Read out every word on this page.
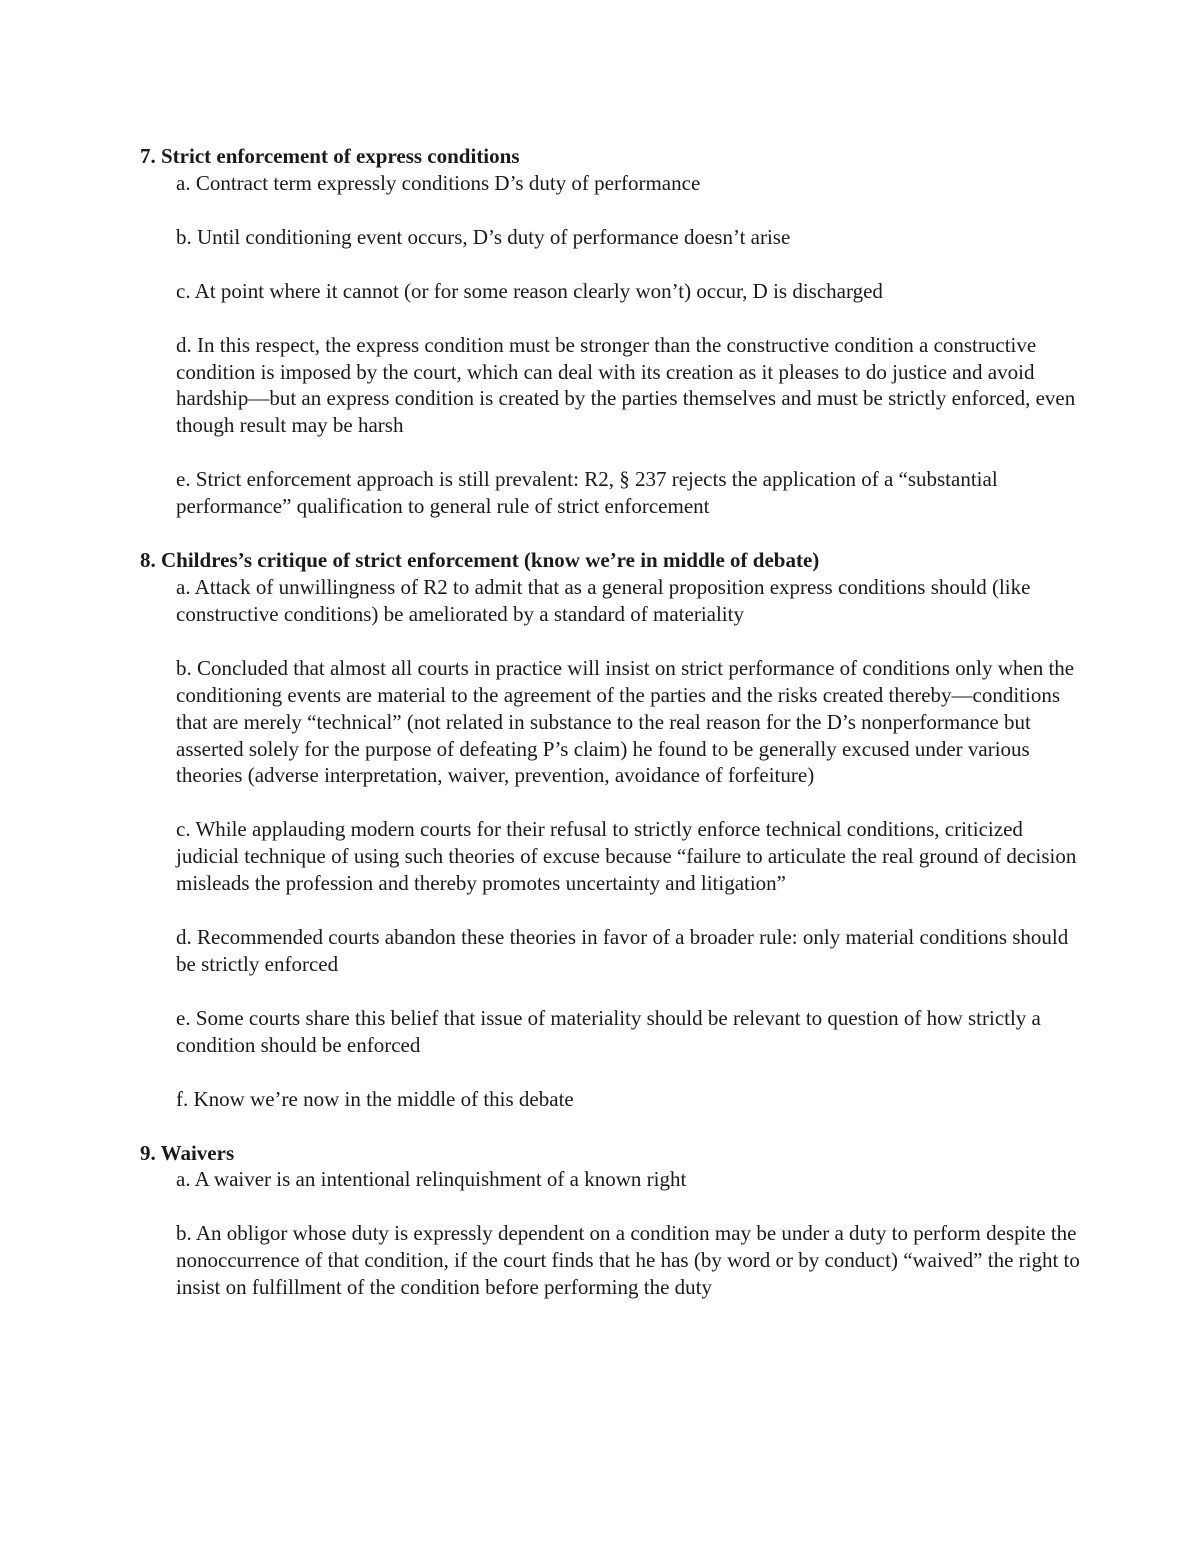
7. Strict enforcement of express conditions

a. Contract term expressly conditions D’s duty of performance

b. Until conditioning event occurs, D’s duty of performance doesn’t arise

c. At point where it cannot (or for some reason clearly won’t) occur, D is discharged

d. In this respect, the express condition must be stronger than the constructive condition a constructive condition is imposed by the court, which can deal with its creation as it pleases to do justice and avoid hardship—but an express condition is created by the parties themselves and must be strictly enforced, even though result may be harsh

e. Strict enforcement approach is still prevalent: R2, § 237 rejects the application of a “substantial performance” qualification to general rule of strict enforcement

8. Childres’s critique of strict enforcement (know we’re in middle of debate)

a. Attack of unwillingness of R2 to admit that as a general proposition express conditions should (like constructive conditions) be ameliorated by a standard of materiality

b. Concluded that almost all courts in practice will insist on strict performance of conditions only when the conditioning events are material to the agreement of the parties and the risks created thereby—conditions that are merely “technical” (not related in substance to the real reason for the D’s nonperformance but asserted solely for the purpose of defeating P’s claim) he found to be generally excused under various theories (adverse interpretation, waiver, prevention, avoidance of forfeiture)

c. While applauding modern courts for their refusal to strictly enforce technical conditions, criticized judicial technique of using such theories of excuse because “failure to articulate the real ground of decision misleads the profession and thereby promotes uncertainty and litigation”

d. Recommended courts abandon these theories in favor of a broader rule: only material conditions should be strictly enforced

e. Some courts share this belief that issue of materiality should be relevant to question of how strictly a condition should be enforced

f. Know we’re now in the middle of this debate

9. Waivers

a. A waiver is an intentional relinquishment of a known right

b. An obligor whose duty is expressly dependent on a condition may be under a duty to perform despite the nonoccurrence of that condition, if the court finds that he has (by word or by conduct) “waived” the right to insist on fulfillment of the condition before performing the duty
